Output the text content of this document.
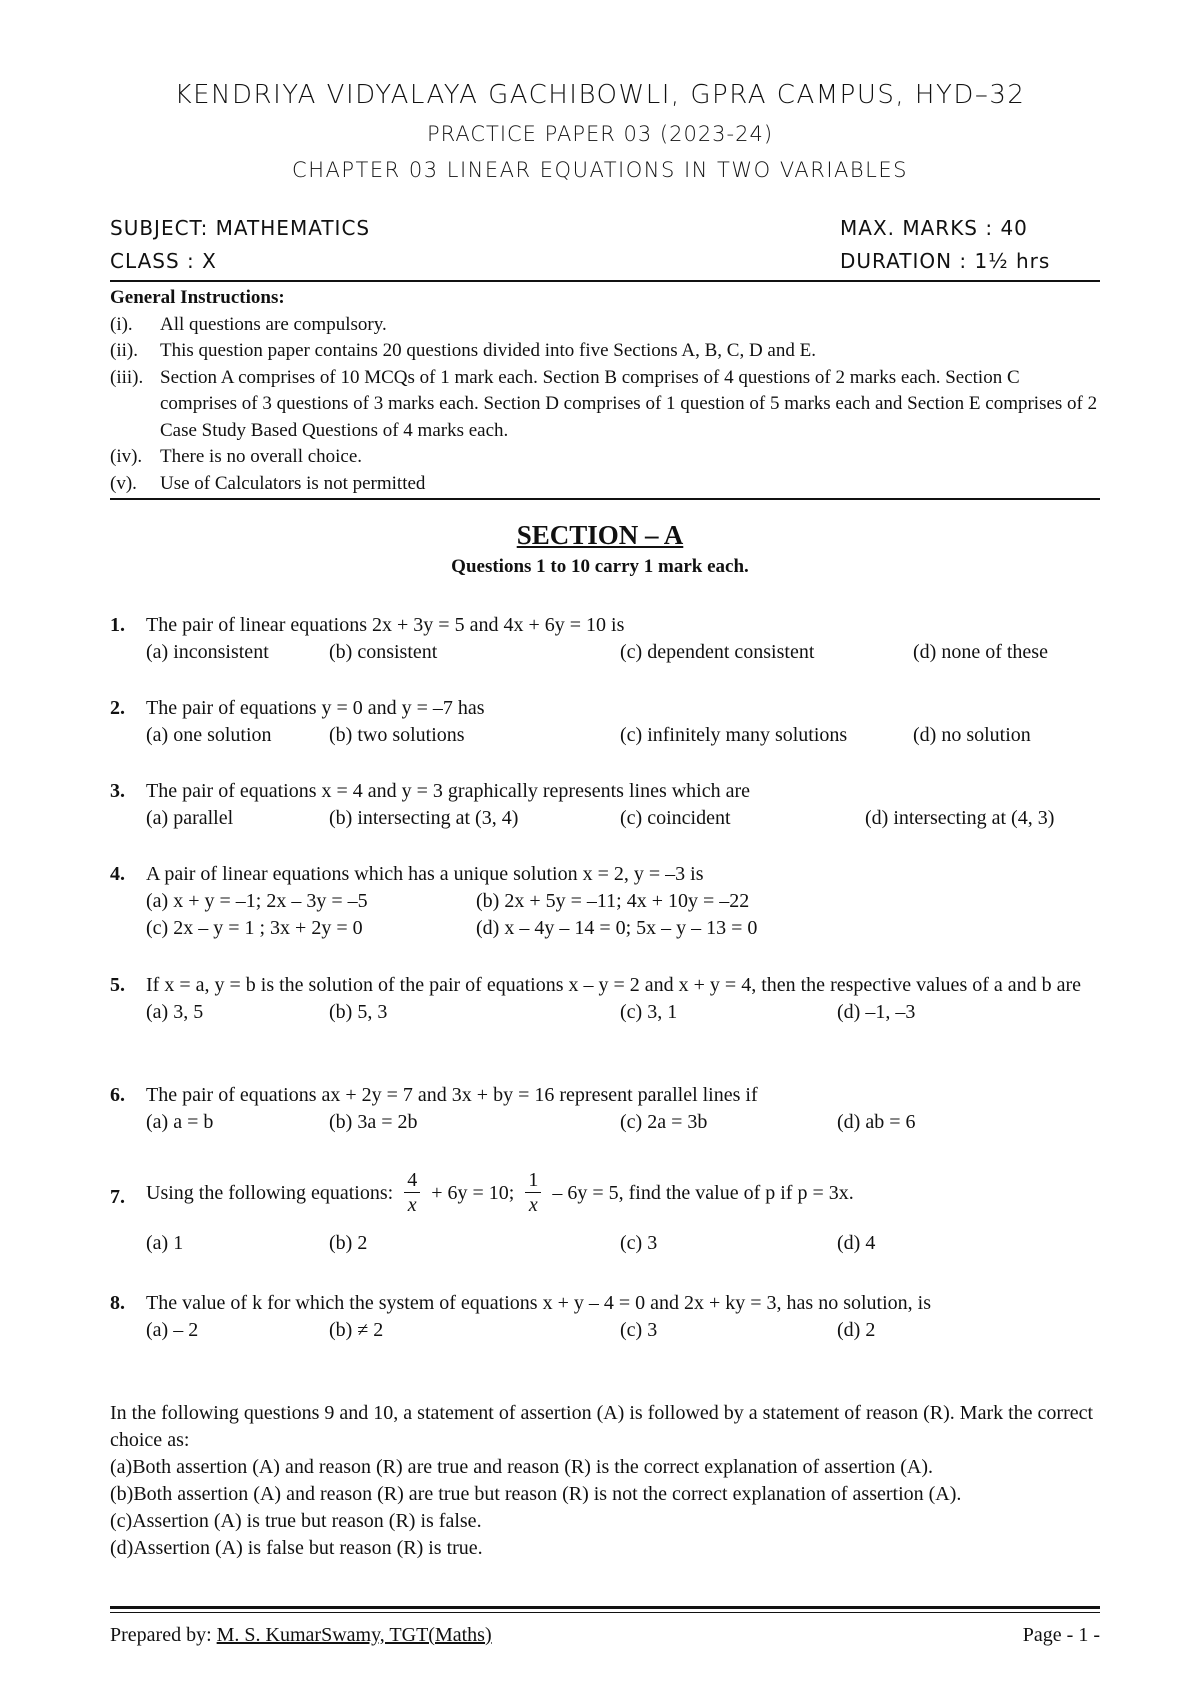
KENDRIYA VIDYALAYA GACHIBOWLI, GPRA CAMPUS, HYD–32
PRACTICE PAPER 03 (2023-24)
CHAPTER 03 LINEAR EQUATIONS IN TWO VARIABLES
SUBJECT: MATHEMATICS	MAX. MARKS : 40
CLASS : X	DURATION : 1½ hrs
General Instructions:
(i).	All questions are compulsory.
(ii).	This question paper contains 20 questions divided into five Sections A, B, C, D and E.
(iii). Section A comprises of 10 MCQs of 1 mark each. Section B comprises of 4 questions of 2 marks each. Section C comprises of 3 questions of 3 marks each. Section D comprises of 1 question of 5 marks each and Section E comprises of 2 Case Study Based Questions of 4 marks each.
(iv). There is no overall choice.
(v).	Use of Calculators is not permitted
SECTION – A
Questions 1 to 10 carry 1 mark each.
1. The pair of linear equations 2x + 3y = 5 and 4x + 6y = 10 is
(a) inconsistent	(b) consistent	(c) dependent consistent	(d) none of these
2. The pair of equations y = 0 and y = –7 has
(a) one solution	(b) two solutions	(c) infinitely many solutions	(d) no solution
3. The pair of equations x = 4 and y = 3 graphically represents lines which are
(a) parallel	(b) intersecting at (3, 4)	(c) coincident	(d) intersecting at (4, 3)
4. A pair of linear equations which has a unique solution x = 2, y = –3 is
(a) x + y = –1; 2x – 3y = –5	(b) 2x + 5y = –11; 4x + 10y = –22
(c) 2x – y = 1 ; 3x + 2y = 0	(d) x – 4y – 14 = 0; 5x – y – 13 = 0
5. If x = a, y = b is the solution of the pair of equations x – y = 2 and x + y = 4, then the respective values of a and b are
(a) 3, 5	(b) 5, 3	(c) 3, 1	(d) –1, –3
6. The pair of equations ax + 2y = 7 and 3x + by = 16 represent parallel lines if
(a) a = b	(b) 3a = 2b	(c) 2a = 3b	(d) ab = 6
7. Using the following equations: $\frac{4}{x} + 6y = 10$; $\frac{1}{x} - 6y = 5$, find the value of p if p = 3x.
(a) 1	(b) 2	(c) 3	(d) 4
8. The value of k for which the system of equations x + y – 4 = 0 and 2x + ky = 3, has no solution, is
(a) – 2	(b) ≠ 2	(c) 3	(d) 2
In the following questions 9 and 10, a statement of assertion (A) is followed by a statement of reason (R). Mark the correct choice as:
(a)Both assertion (A) and reason (R) are true and reason (R) is the correct explanation of assertion (A).
(b)Both assertion (A) and reason (R) are true but reason (R) is not the correct explanation of assertion (A).
(c)Assertion (A) is true but reason (R) is false.
(d)Assertion (A) is false but reason (R) is true.
Prepared by: M. S. KumarSwamy, TGT(Maths)	Page - 1 -
